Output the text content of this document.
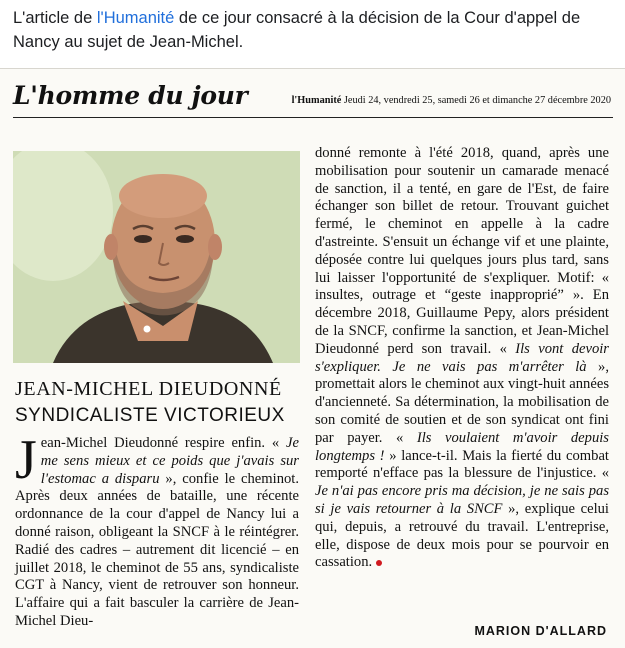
L'article de l'Humanité de ce jour consacré à la décision de la Cour d'appel de Nancy au sujet de Jean-Michel.
L'homme du jour	l'Humanité Jeudi 24, vendredi 25, samedi 26 et dimanche 27 décembre 2020
JEAN-MICHEL DIEUDONNÉ
SYNDICALISTE VICTORIEUX
Jean-Michel Dieudonné respire enfin. « Je me sens mieux et ce poids que j'avais sur l'estomac a disparu », confie le cheminot. Après deux années de bataille, une récente ordonnance de la cour d'appel de Nancy lui a donné raison, obligeant la SNCF à le réintégrer. Radié des cadres – autrement dit licencié – en juillet 2018, le cheminot de 55 ans, syndicaliste CGT à Nancy, vient de retrouver son honneur. L'affaire qui a fait basculer la carrière de Jean-Michel Dieu-
donné remonte à l'été 2018, quand, après une mobilisation pour soutenir un camarade menacé de sanction, il a tenté, en gare de l'Est, de faire échanger son billet de retour. Trouvant guichet fermé, le cheminot en appelle à la cadre d'astreinte. S'ensuit un échange vif et une plainte, déposée contre lui quelques jours plus tard, sans lui laisser l'opportunité de s'expliquer. Motif: « insultes, outrage et “geste inapproprié” ». En décembre 2018, Guillaume Pepy, alors président de la SNCF, confirme la sanction, et Jean-Michel Dieudonné perd son travail. « Ils vont devoir s'expliquer. Je ne vais pas m'arrêter là », promettait alors le cheminot aux vingt-huit années d'ancienneté. Sa détermination, la mobilisation de son comité de soutien et de son syndicat ont fini par payer. « Ils voulaient m'avoir depuis longtemps ! » lance-t-il. Mais la fierté du combat remporté n'efface pas la blessure de l'injustice. « Je n'ai pas encore pris ma décision, je ne sais pas si je vais retourner à la SNCF », explique celui qui, depuis, a retrouvé du travail. L'entreprise, elle, dispose de deux mois pour se pourvoir en cassation.
MARION D'ALLARD
